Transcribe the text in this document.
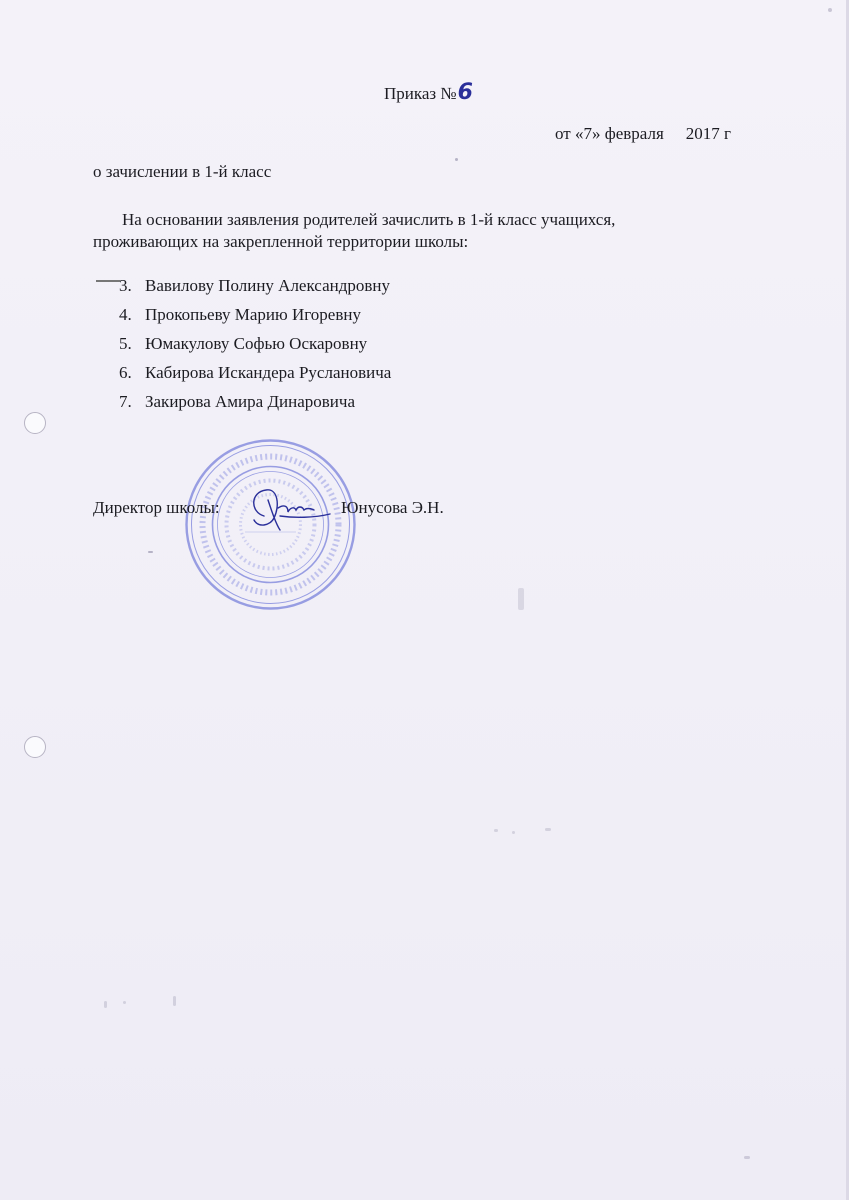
Приказ №6
от «7» февраля 2017 г
о зачислении в 1-й класс
На основании заявления родителей зачислить в 1-й класс учащихся,
проживающих на закрепленной территории школы:
3. Вавилову Полину Александровну
4. Прокопьеву Марию Игоревну
5. Юмакулову Софью Оскаровну
6. Кабирова Искандера Руслановича
7. Закирова Амира Динаровича
Директор школы:	Юнусова Э.Н.
